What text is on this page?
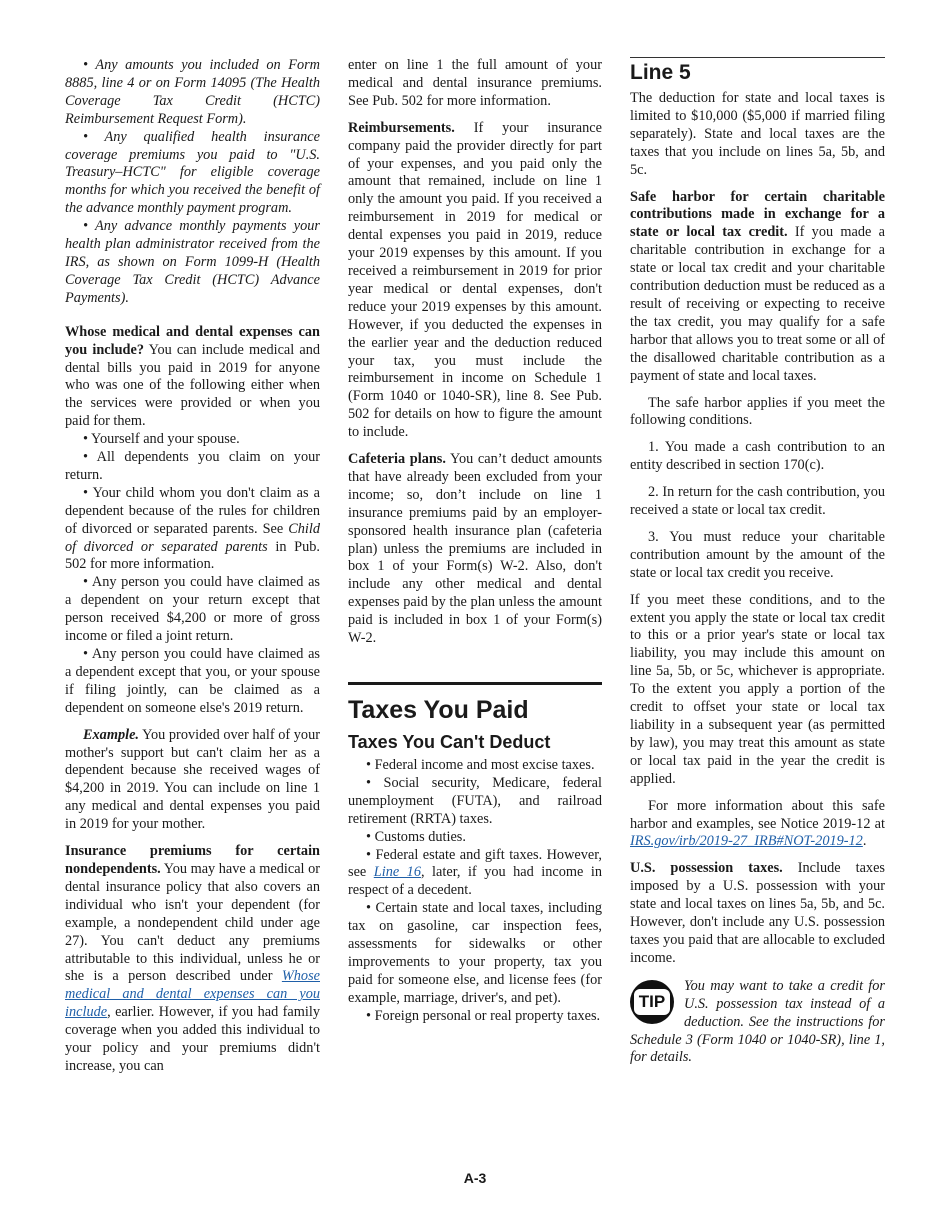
• Any amounts you included on Form 8885, line 4 or on Form 14095 (The Health Coverage Tax Credit (HCTC) Reimbursement Request Form).

• Any qualified health insurance coverage premiums you paid to "U.S. Treasury–HCTC" for eligible coverage months for which you received the benefit of the advance monthly payment program.

• Any advance monthly payments your health plan administrator received from the IRS, as shown on Form 1099-H (Health Coverage Tax Credit (HCTC) Advance Payments).

Whose medical and dental expenses can you include? You can include medical and dental bills you paid in 2019 for anyone who was one of the following either when the services were provided or when you paid for them.

• Yourself and your spouse.

• All dependents you claim on your return.

• Your child whom you don't claim as a dependent because of the rules for children of divorced or separated parents. See Child of divorced or separated parents in Pub. 502 for more information.

• Any person you could have claimed as a dependent on your return except that person received $4,200 or more of gross income or filed a joint return.

• Any person you could have claimed as a dependent except that you, or your spouse if filing jointly, can be claimed as a dependent on someone else's 2019 return.

Example. You provided over half of your mother's support but can't claim her as a dependent because she received wages of $4,200 in 2019. You can include on line 1 any medical and dental expenses you paid in 2019 for your mother.

Insurance premiums for certain nondependents. You may have a medical or dental insurance policy that also covers an individual who isn't your dependent (for example, a nondependent child under age 27). You can't deduct any premiums attributable to this individual, unless he or she is a person described under Whose medical and dental expenses can you include, earlier. However, if you had family coverage when you added this individual to your policy and your premiums didn't increase, you can

enter on line 1 the full amount of your medical and dental insurance premiums. See Pub. 502 for more information.

Reimbursements. If your insurance company paid the provider directly for part of your expenses, and you paid only the amount that remained, include on line 1 only the amount you paid. If you received a reimbursement in 2019 for medical or dental expenses you paid in 2019, reduce your 2019 expenses by this amount. If you received a reimbursement in 2019 for prior year medical or dental expenses, don't reduce your 2019 expenses by this amount. However, if you deducted the expenses in the earlier year and the deduction reduced your tax, you must include the reimbursement in income on Schedule 1 (Form 1040 or 1040-SR), line 8. See Pub. 502 for details on how to figure the amount to include.

Cafeteria plans. You can’t deduct amounts that have already been excluded from your income; so, don’t include on line 1 insurance premiums paid by an employer-sponsored health insurance plan (cafeteria plan) unless the premiums are included in box 1 of your Form(s) W-2. Also, don't include any other medical and dental expenses paid by the plan unless the amount paid is included in box 1 of your Form(s) W-2.

Taxes You Paid
Taxes You Can't Deduct

• Federal income and most excise taxes.

• Social security, Medicare, federal unemployment (FUTA), and railroad retirement (RRTA) taxes.

• Customs duties.

• Federal estate and gift taxes. However, see Line 16, later, if you had income in respect of a decedent.

• Certain state and local taxes, including tax on gasoline, car inspection fees, assessments for sidewalks or other improvements to your property, tax you paid for someone else, and license fees (for example, marriage, driver's, and pet).

• Foreign personal or real property taxes.

Line 5

The deduction for state and local taxes is limited to $10,000 ($5,000 if married filing separately). State and local taxes are the taxes that you include on lines 5a, 5b, and 5c.

Safe harbor for certain charitable contributions made in exchange for a state or local tax credit. If you made a charitable contribution in exchange for a state or local tax credit and your charitable contribution deduction must be reduced as a result of receiving or expecting to receive the tax credit, you may qualify for a safe harbor that allows you to treat some or all of the disallowed charitable contribution as a payment of state and local taxes.

The safe harbor applies if you meet the following conditions.

1. You made a cash contribution to an entity described in section 170(c).

2. In return for the cash contribution, you received a state or local tax credit.

3. You must reduce your charitable contribution amount by the amount of the state or local tax credit you receive.

If you meet these conditions, and to the extent you apply the state or local tax credit to this or a prior year's state or local tax liability, you may include this amount on line 5a, 5b, or 5c, whichever is appropriate. To the extent you apply a portion of the credit to offset your state or local tax liability in a subsequent year (as permitted by law), you may treat this amount as state or local tax paid in the year the credit is applied.

For more information about this safe harbor and examples, see Notice 2019-12 at IRS.gov/irb/2019-27_IRB#NOT-2019-12.

U.S. possession taxes. Include taxes imposed by a U.S. possession with your state and local taxes on lines 5a, 5b, and 5c. However, don't include any U.S. possession taxes you paid that are allocable to excluded income.

TIP

You may want to take a credit for U.S. possession tax instead of a deduction. See the instructions for Schedule 3 (Form 1040 or 1040-SR), line 1, for details.

A-3
